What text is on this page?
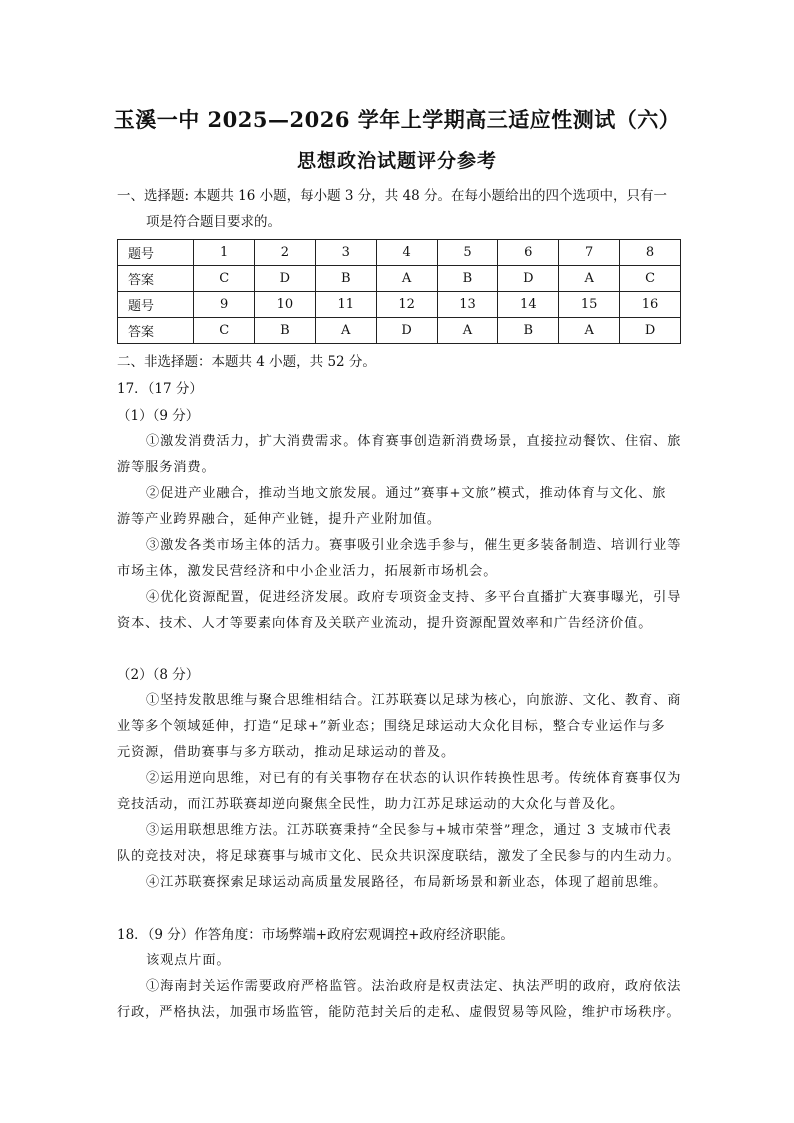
玉溪一中 2025—2026 学年上学期高三适应性测试（六）
思想政治试题评分参考
一、选择题: 本题共 16 小题，每小题 3 分，共 48 分。在每小题给出的四个选项中，只有一
项是符合题目要求的。
题号	1	2	3	4	5	6	7	8
答案	C	D	B	A	B	D	A	C
题号	9	10	11	12	13	14	15	16
答案	C	B	A	D	A	B	A	D
二、非选择题：本题共 4 小题，共 52 分。
17．（17 分）
（1）（9 分）
①激发消费活力，扩大消费需求。体育赛事创造新消费场景，直接拉动餐饮、住宿、旅
游等服务消费。
②促进产业融合，推动当地文旅发展。通过”赛事+文旅”模式，推动体育与文化、旅
游等产业跨界融合，延伸产业链，提升产业附加值。
③激发各类市场主体的活力。赛事吸引业余选手参与，催生更多装备制造、培训行业等
市场主体，激发民营经济和中小企业活力，拓展新市场机会。
④优化资源配置，促进经济发展。政府专项资金支持、多平台直播扩大赛事曝光，引导
资本、技术、人才等要素向体育及关联产业流动，提升资源配置效率和广告经济价值。
（2）（8 分）
①坚持发散思维与聚合思维相结合。江苏联赛以足球为核心，向旅游、文化、教育、商
业等多个领域延伸，打造“足球+”新业态；围绕足球运动大众化目标，整合专业运作与多
元资源，借助赛事与多方联动，推动足球运动的普及。
②运用逆向思维，对已有的有关事物存在状态的认识作转换性思考。传统体育赛事仅为
竞技活动，而江苏联赛却逆向聚焦全民性，助力江苏足球运动的大众化与普及化。
③运用联想思维方法。江苏联赛秉持“全民参与+城市荣誉”理念，通过 3 支城市代表
队的竞技对决，将足球赛事与城市文化、民众共识深度联结，激发了全民参与的内生动力。
④江苏联赛探索足球运动高质量发展路径，布局新场景和新业态，体现了超前思维。
18．（9 分）作答角度：市场弊端+政府宏观调控+政府经济职能。
该观点片面。
①海南封关运作需要政府严格监管。法治政府是权责法定、执法严明的政府，政府依法
行政，严格执法，加强市场监管，能防范封关后的走私、虚假贸易等风险，维护市场秩序。
